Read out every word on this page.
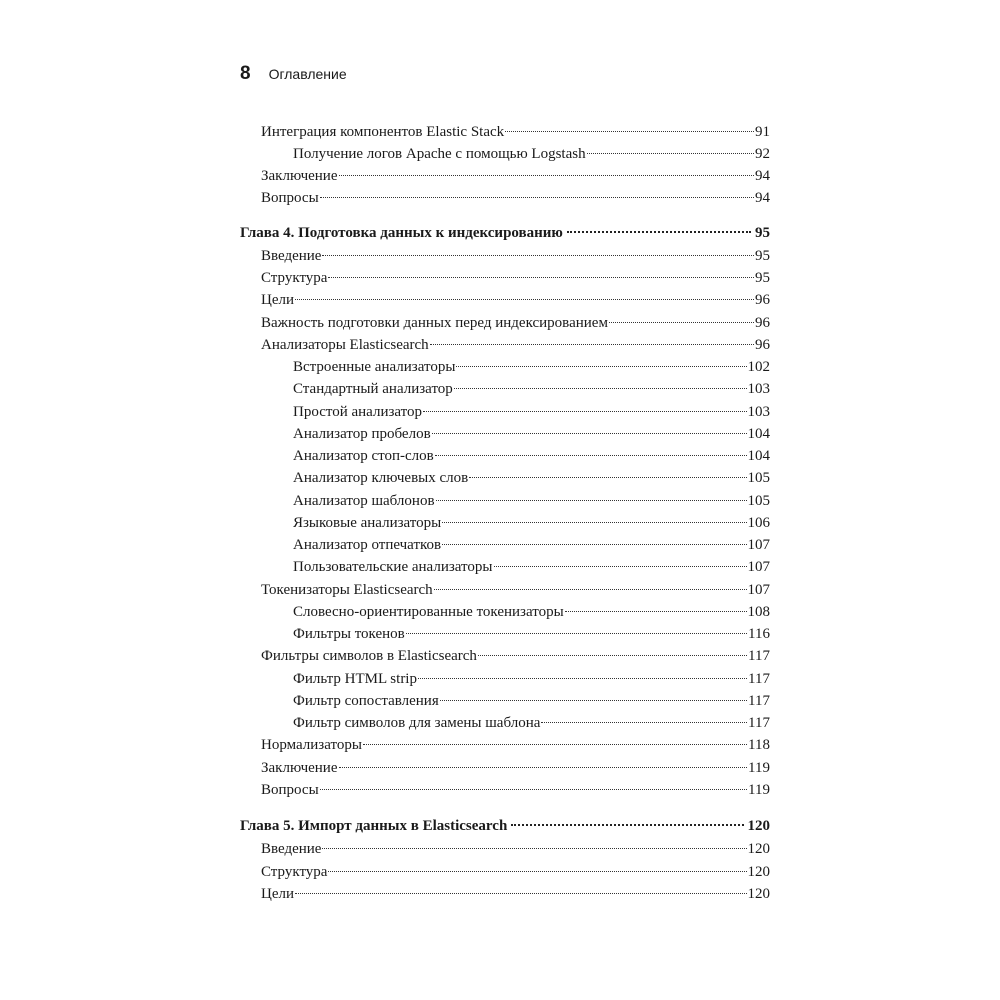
8 Оглавление
Интеграция компонентов Elastic Stack	91
Получение логов Apache с помощью Logstash	92
Заключение	94
Вопросы	94
Глава 4. Подготовка данных к индексированию	95
Введение	95
Структура	95
Цели	96
Важность подготовки данных перед индексированием	96
Анализаторы Elasticsearch	96
Встроенные анализаторы	102
Стандартный анализатор	103
Простой анализатор	103
Анализатор пробелов	104
Анализатор стоп-слов	104
Анализатор ключевых слов	105
Анализатор шаблонов	105
Языковые анализаторы	106
Анализатор отпечатков	107
Пользовательские анализаторы	107
Токенизаторы Elasticsearch	107
Словесно-ориентированные токенизаторы	108
Фильтры токенов	116
Фильтры символов в Elasticsearch	117
Фильтр HTML strip	117
Фильтр сопоставления	117
Фильтр символов для замены шаблона	117
Нормализаторы	118
Заключение	119
Вопросы	119
Глава 5. Импорт данных в Elasticsearch	120
Введение	120
Структура	120
Цели	120
